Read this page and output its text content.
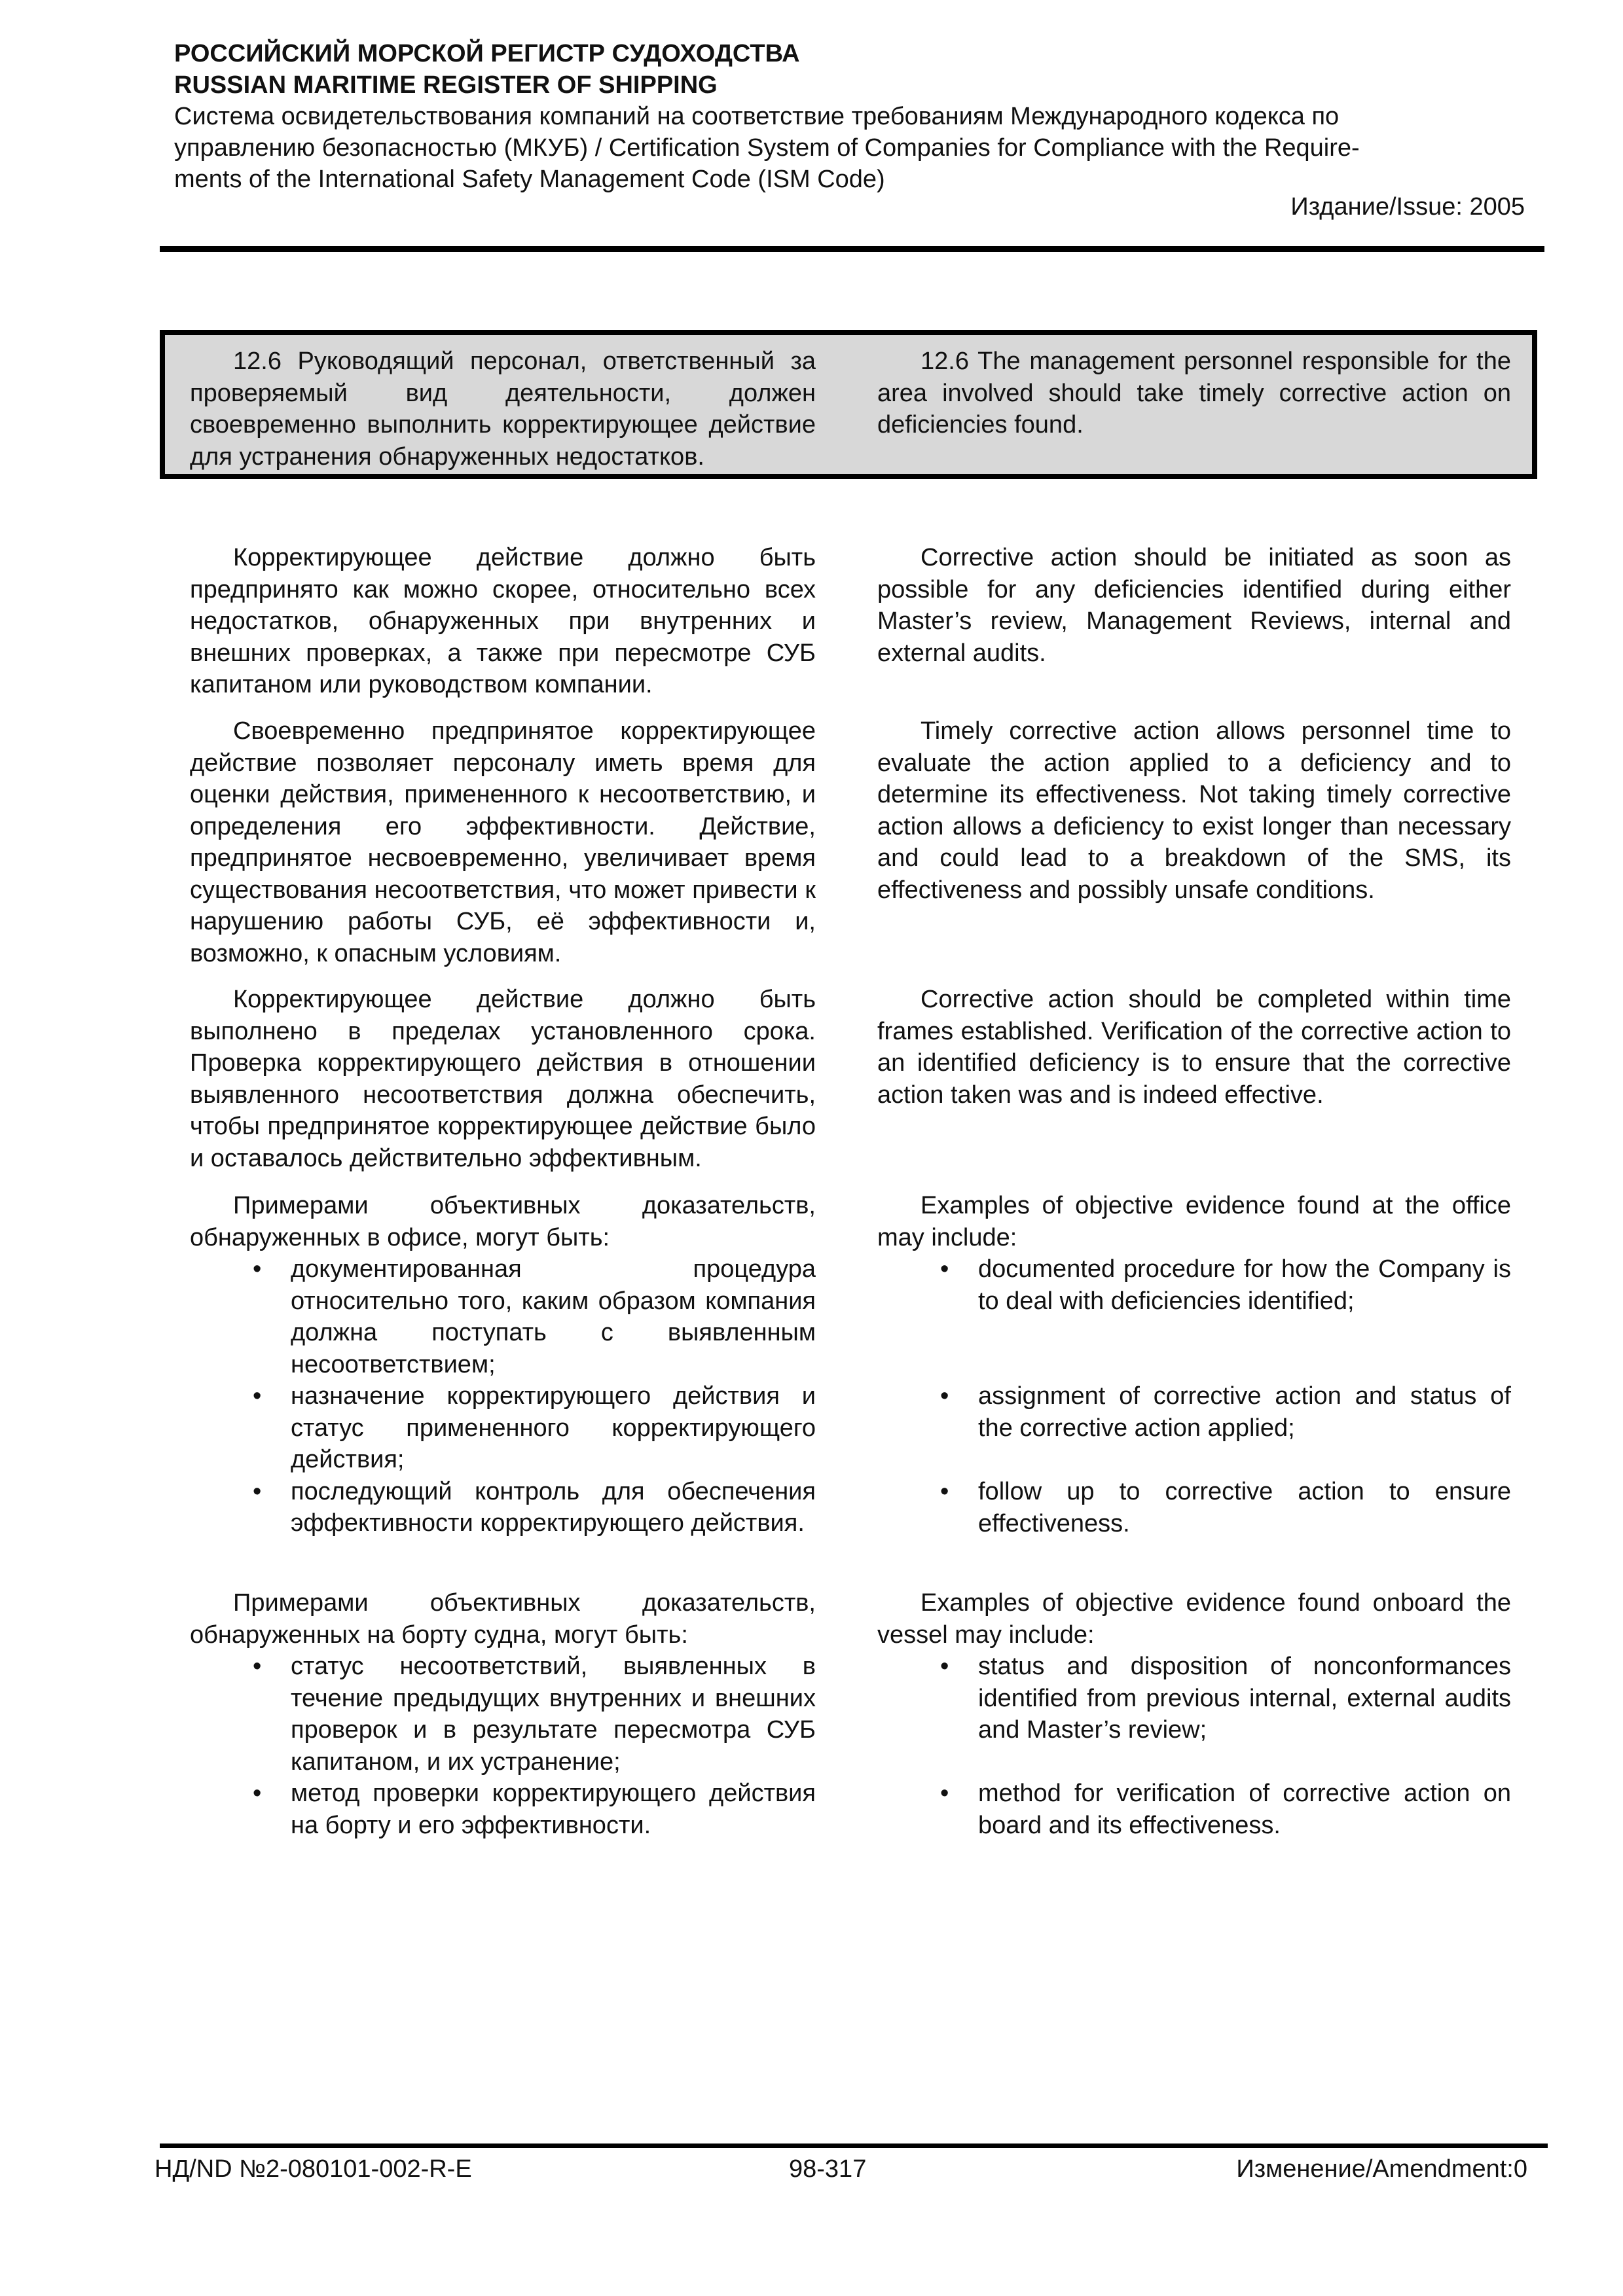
РОССИЙСКИЙ МОРСКОЙ РЕГИСТР СУДОХОДСТВА
RUSSIAN MARITIME REGISTER OF SHIPPING
Система освидетельствования компаний на соответствие требованиям Международного кодекса по
управлению безопасностью (МКУБ) / Certification System of Companies for Compliance with the Require-
ments of the International Safety Management Code (ISM Code)
Издание/Issue: 2005

12.6 Руководящий персонал, ответственный за проверяемый вид деятельности, должен своевременно выполнить корректирующее действие для устранения обнаруженных недостатков.

12.6 The management personnel responsible for the area involved should take timely corrective action on deficiencies found.

Корректирующее действие должно быть предпринято как можно скорее, относительно всех недостатков, обнаруженных при внутренних и внешних проверках, а также при пересмотре СУБ капитаном или руководством компании.

Своевременно предпринятое корректирующее действие позволяет персоналу иметь время для оценки действия, примененного к несоответствию, и определения его эффективности. Действие, предпринятое несвоевременно, увеличивает время существования несоответствия, что может привести к нарушению работы СУБ, её эффективности и, возможно, к опасным условиям.

Корректирующее действие должно быть выполнено в пределах установленного срока. Проверка корректирующего действия в отношении выявленного несоответствия должна обеспечить, чтобы предпринятое корректирующее действие было и оставалось действительно эффективным.

Примерами объективных доказательств, обнаруженных в офисе, могут быть:

• документированная процедура относительно того, каким образом компания должна поступать с выявленным несоответствием;
• назначение корректирующего действия и статус примененного корректирующего действия;
• последующий контроль для обеспечения эффективности корректирующего действия.

Примерами объективных доказательств, обнаруженных на борту судна, могут быть:

• статус несоответствий, выявленных в течение предыдущих внутренних и внешних проверок и в результате пересмотра СУБ капитаном, и их устранение;
• метод проверки корректирующего действия на борту и его эффективности.

Corrective action should be initiated as soon as possible for any deficiencies identified during either Master’s review, Management Reviews, internal and external audits.

Timely corrective action allows personnel time to evaluate the action applied to a deficiency and to determine its effectiveness. Not taking timely corrective action allows a deficiency to exist longer than necessary and could lead to a breakdown of the SMS, its effectiveness and possibly unsafe conditions.

Corrective action should be completed within time frames established. Verification of the corrective action to an identified deficiency is to ensure that the corrective action taken was and is indeed effective.

Examples of objective evidence found at the office may include:

• documented procedure for how the Company is to deal with deficiencies identified;
• assignment of corrective action and status of the corrective action applied;
• follow up to corrective action to ensure effectiveness.

Examples of objective evidence found onboard the vessel may include:

• status and disposition of nonconformances identified from previous internal, external audits and Master’s review;
• method for verification of corrective action on board and its effectiveness.
НД/ND №2-080101-002-R-E	98-317	Изменение/Amendment:0
